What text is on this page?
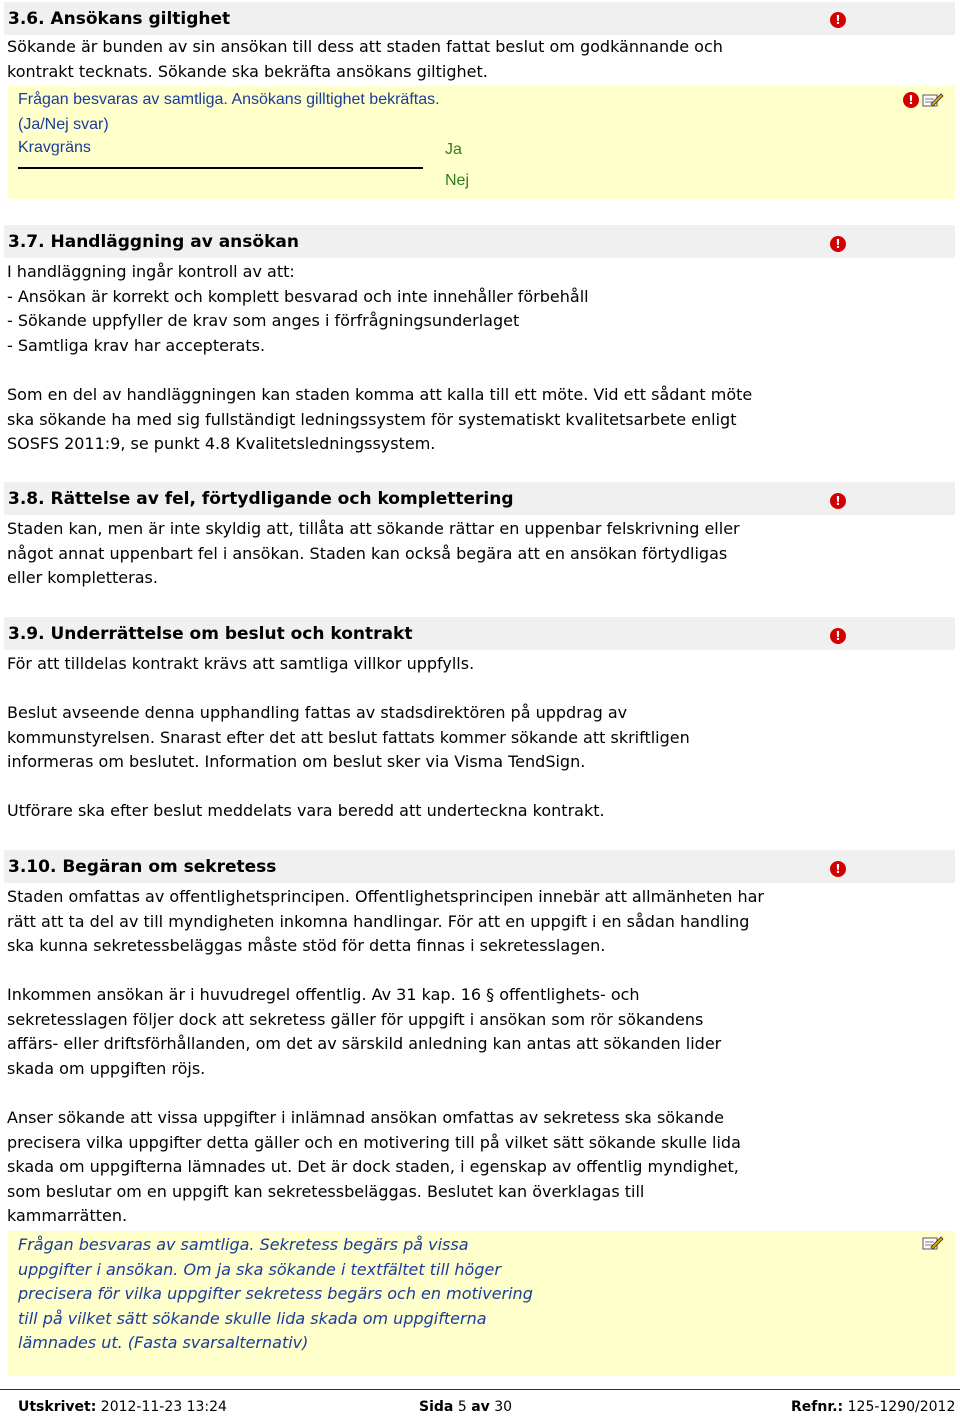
3.6. Ansökans giltighet	!

Sökande är bunden av sin ansökan till dess att staden fattat beslut om godkännande och
kontrakt tecknats. Sökande ska bekräfta ansökans giltighet.

Frågan besvaras av samtliga. Ansökans gilltighet bekräftas.
(Ja/Nej svar)

!
Kravgräns	Ja
Nej
3.7. Handläggning av ansökan	!

I handläggning ingår kontroll av att:
- Ansökan är korrekt och komplett besvarad och inte innehåller förbehåll
- Sökande uppfyller de krav som anges i förfrågningsunderlaget
- Samtliga krav har accepterats.

Som en del av handläggningen kan staden komma att kalla till ett möte. Vid ett sådant möte
ska sökande ha med sig fullständigt ledningssystem för systematiskt kvalitetsarbete enligt
SOSFS 2011:9, se punkt 4.8 Kvalitetsledningssystem.

3.8. Rättelse av fel, förtydligande och komplettering	!

Staden kan, men är inte skyldig att, tillåta att sökande rättar en uppenbar felskrivning eller
något annat uppenbart fel i ansökan. Staden kan också begära att en ansökan förtydligas
eller kompletteras.

3.9. Underrättelse om beslut och kontrakt	!

För att tilldelas kontrakt krävs att samtliga villkor uppfylls.

Beslut avseende denna upphandling fattas av stadsdirektören på uppdrag av
kommunstyrelsen. Snarast efter det att beslut fattats kommer sökande att skriftligen
informeras om beslutet. Information om beslut sker via Visma TendSign.

Utförare ska efter beslut meddelats vara beredd att underteckna kontrakt.

3.10. Begäran om sekretess	!

Staden omfattas av offentlighetsprincipen. Offentlighetsprincipen innebär att allmänheten har
rätt att ta del av till myndigheten inkomna handlingar. För att en uppgift i en sådan handling
ska kunna sekretessbeläggas måste stöd för detta finnas i sekretesslagen.

Inkommen ansökan är i huvudregel offentlig. Av 31 kap. 16 § offentlighets- och
sekretesslagen följer dock att sekretess gäller för uppgift i ansökan som rör sökandens
affärs- eller driftsförhållanden, om det av särskild anledning kan antas att sökanden lider
skada om uppgiften röjs.

Anser sökande att vissa uppgifter i inlämnad ansökan omfattas av sekretess ska sökande
precisera vilka uppgifter detta gäller och en motivering till på vilket sätt sökande skulle lida
skada om uppgifterna lämnades ut. Det är dock staden, i egenskap av offentlig myndighet,
som beslutar om en uppgift kan sekretessbeläggas. Beslutet kan överklagas till
kammarrätten.

Frågan besvaras av samtliga. Sekretess begärs på vissa
uppgifter i ansökan. Om ja ska sökande i textfältet till höger
precisera för vilka uppgifter sekretess begärs och en motivering
till på vilket sätt sökande skulle lida skada om uppgifterna
lämnades ut. (Fasta svarsalternativ)

Utskrivet: 2012-11-23 13:24	Sida 5 av 30	Refnr.: 125-1290/2012
